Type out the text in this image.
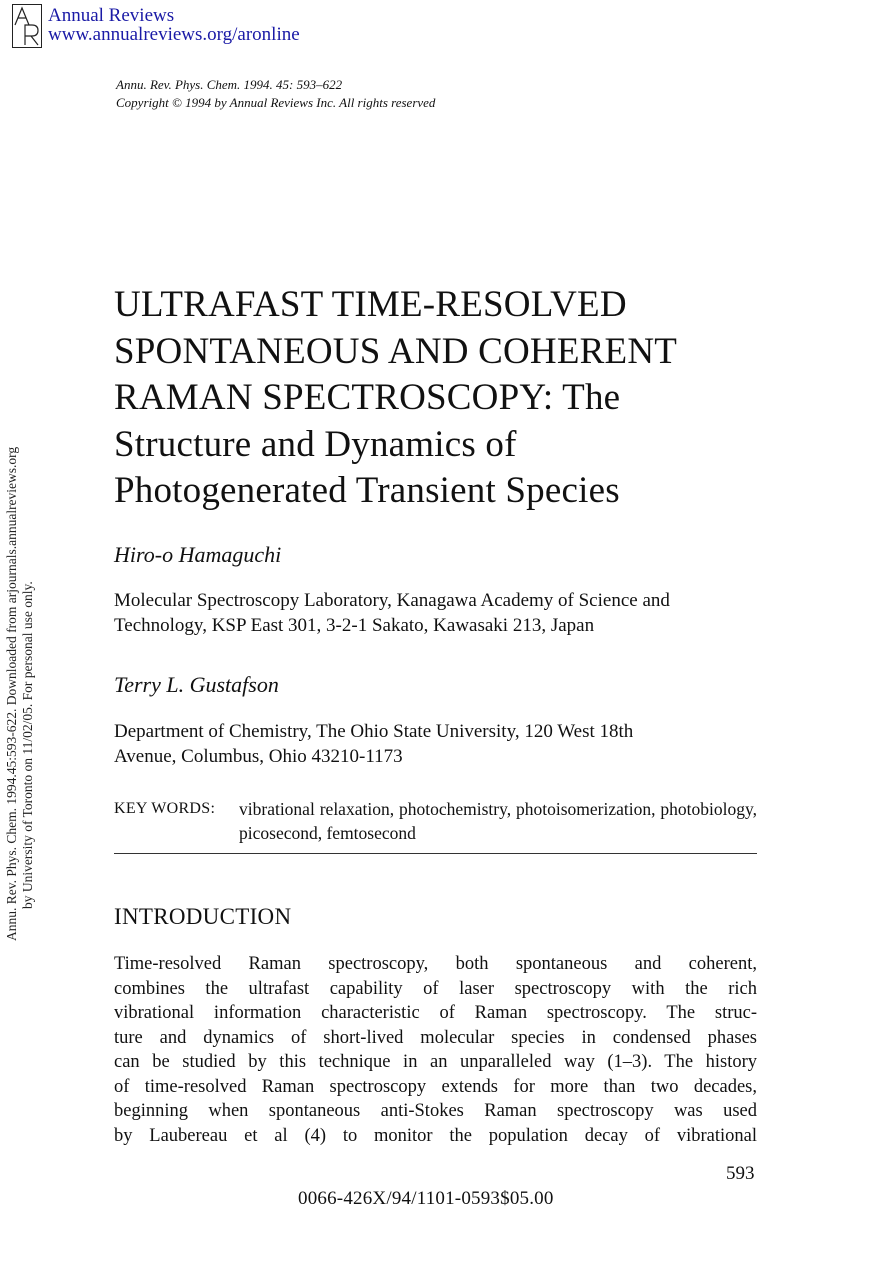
Annual Reviews
www.annualreviews.org/aronline
Annu. Rev. Phys. Chem. 1994. 45: 593–622
Copyright © 1994 by Annual Reviews Inc. All rights reserved
Annu. Rev. Phys. Chem. 1994.45:593-622. Downloaded from arjournals.annualreviews.org by University of Toronto on 11/02/05. For personal use only.
ULTRAFAST TIME-RESOLVED
SPONTANEOUS AND COHERENT
RAMAN SPECTROSCOPY: The
Structure and Dynamics of
Photogenerated Transient Species
Hiro-o Hamaguchi
Molecular Spectroscopy Laboratory, Kanagawa Academy of Science and
Technology, KSP East 301, 3-2-1 Sakato, Kawasaki 213, Japan
Terry L. Gustafson
Department of Chemistry, The Ohio State University, 120 West 18th
Avenue, Columbus, Ohio 43210-1173
KEY WORDS:	vibrational relaxation, photochemistry, photoisomerization, photobiology, picosecond, femtosecond
INTRODUCTION
Time-resolved Raman spectroscopy, both spontaneous and coherent,
combines the ultrafast capability of laser spectroscopy with the rich
vibrational information characteristic of Raman spectroscopy. The struc-
ture and dynamics of short-lived molecular species in condensed phases
can be studied by this technique in an unparalleled way (1–3). The history
of time-resolved Raman spectroscopy extends for more than two decades,
beginning when spontaneous anti-Stokes Raman spectroscopy was used
by Laubereau et al (4) to monitor the population decay of vibrational
593
0066-426X/94/1101-0593$05.00
